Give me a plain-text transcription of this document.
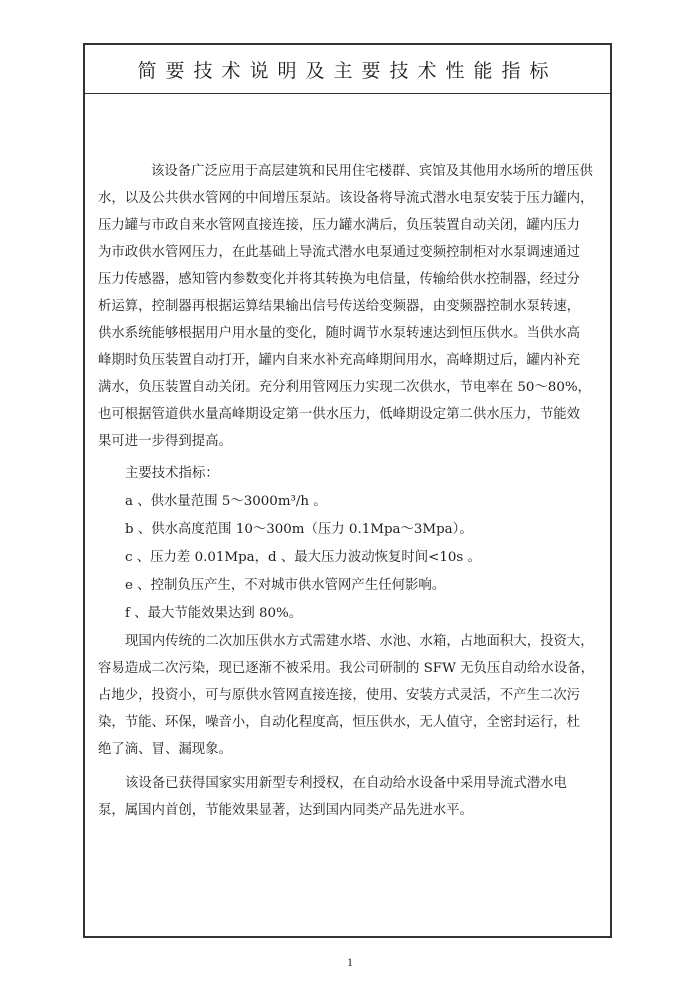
简要技术说明及主要技术性能指标
该设备广泛应用于高层建筑和民用住宅楼群、宾馆及其他用水场所的增压供
水，以及公共供水管网的中间增压泵站。该设备将导流式潜水电泵安装于压力罐内，
压力罐与市政自来水管网直接连接，压力罐水满后，负压装置自动关闭，罐内压力
为市政供水管网压力，在此基础上导流式潜水电泵通过变频控制柜对水泵调速通过
压力传感器，感知管内参数变化并将其转换为电信量，传输给供水控制器，经过分
析运算，控制器再根据运算结果输出信号传送给变频器，由变频器控制水泵转速，
供水系统能够根据用户用水量的变化，随时调节水泵转速达到恒压供水。当供水高
峰期时负压装置自动打开，罐内自来水补充高峰期间用水，高峰期过后，罐内补充
满水，负压装置自动关闭。充分利用管网压力实现二次供水，节电率在 50～80%，
也可根据管道供水量高峰期设定第一供水压力，低峰期设定第二供水压力，节能效
果可进一步得到提高。
主要技术指标：
a 、供水量范围 5～3000m³/h 。
b 、供水高度范围 10～300m（压力 0.1Mpa～3Mpa）。
c 、压力差 0.01Mpa，d 、最大压力波动恢复时间<10s 。
e 、控制负压产生，不对城市供水管网产生任何影响。
f 、最大节能效果达到 80%。
现国内传统的二次加压供水方式需建水塔、水池、水箱，占地面积大，投资大，
容易造成二次污染，现已逐渐不被采用。我公司研制的 SFW 无负压自动给水设备，
占地少，投资小，可与原供水管网直接连接，使用、安装方式灵活，不产生二次污
染，节能、环保，噪音小，自动化程度高，恒压供水，无人值守，全密封运行，杜
绝了滴、冒、漏现象。
该设备已获得国家实用新型专利授权，在自动给水设备中采用导流式潜水电
泵，属国内首创，节能效果显著，达到国内同类产品先进水平。
1
